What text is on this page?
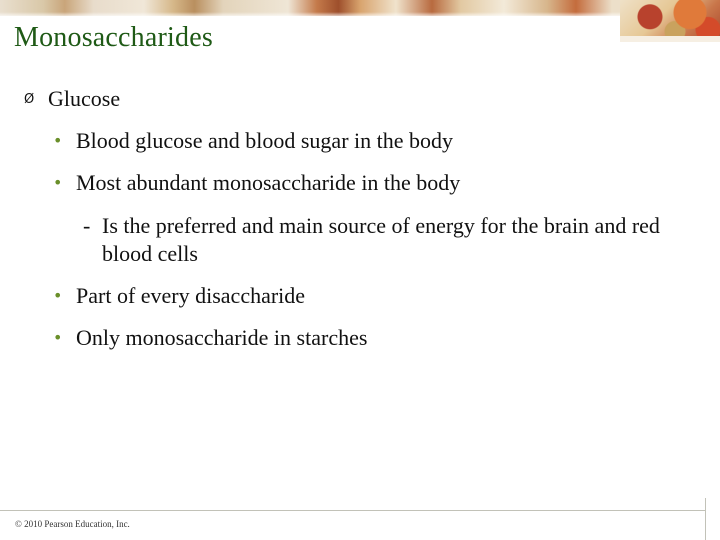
Monosaccharides
Ø Glucose
• Blood glucose and blood sugar in the body
• Most abundant monosaccharide in the body
- Is the preferred and main source of energy for the brain and red blood cells
• Part of every disaccharide
• Only monosaccharide in starches
© 2010 Pearson Education, Inc.
